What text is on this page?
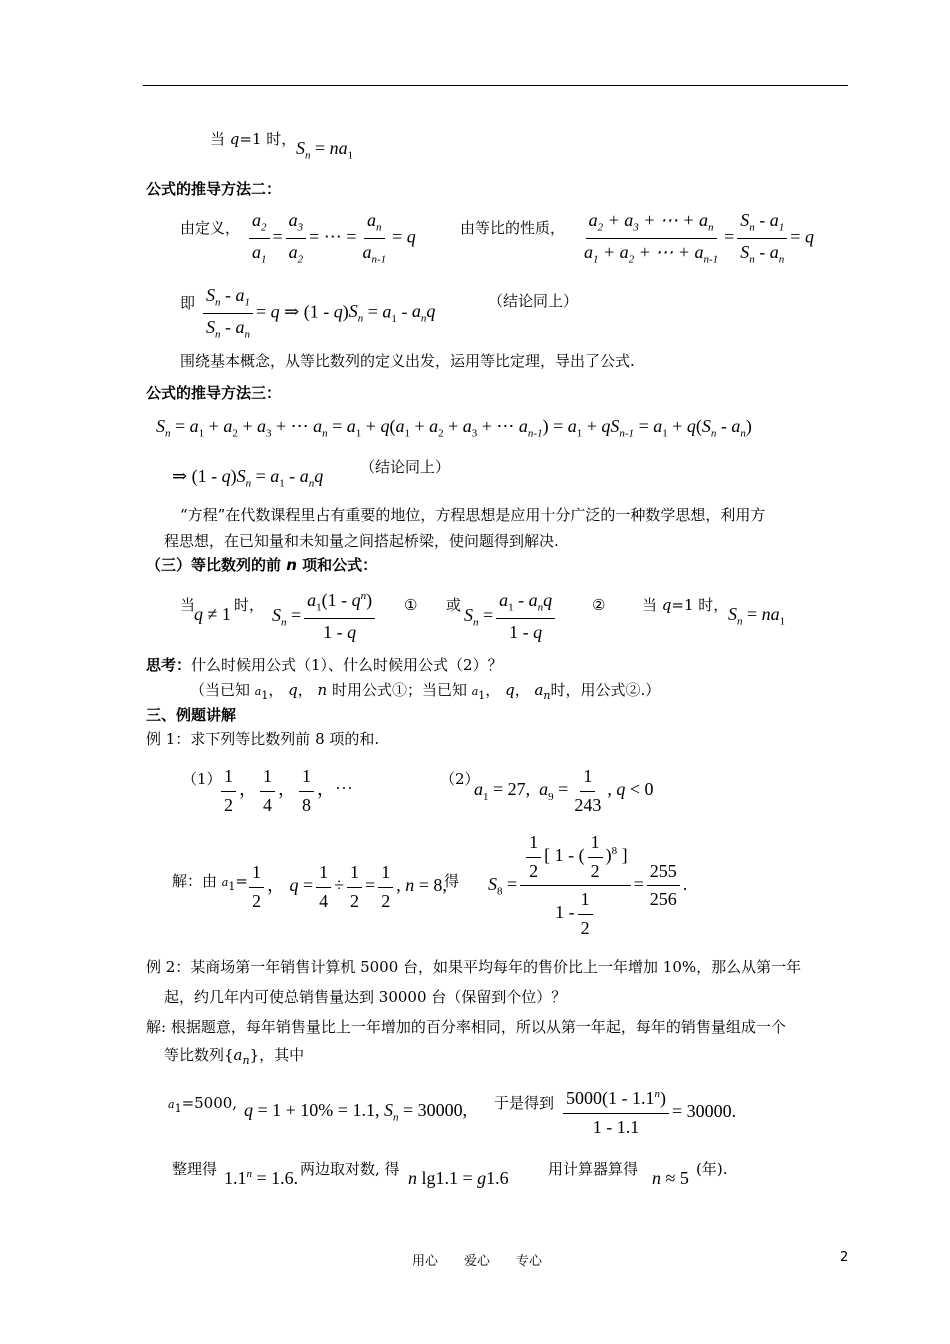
当 q=1 时， $S_n = na_1$
公式的推导方法二：
由定义， $\frac{a_2}{a_1} = \frac{a_3}{a_2}$ = ⋯ = $\frac{a_n}{a_{n-1}} = q$	由等比的性质， $\frac{a_2 + a_3 + \cdots + a_n}{a_1 + a_2 + \cdots + a_{n-1}} = \frac{S_n - a_1}{S_n - a_n} = q$
即 $\frac{S_n - a_1}{S_n - a_n} = q$ ⇒ $(1 - q)S_n = a_1 - a_nq$
（结论同上）
围绕基本概念，从等比数列的定义出发，运用等比定理，导出了公式.
公式的推导方法三：
$S_n = a_1 + a_2 + a_3$ + ⋯ $a_n = a_1 + q(a_1 + a_2 + a_3$ + ⋯ $a_{n-1}) = a_1 + qS_{n-1} = a_1 + q(S_n - a_n)$
⇒ $(1 - q)S_n = a_1 - a_nq$ （结论同上）
“方程”在代数课程里占有重要的地位，方程思想是应用十分广泛的一种数学思想，利用方
程思想，在已知量和未知量之间搭起桥梁，使问题得到解决.
（三）等比数列的前 n 项和公式：
当
q ≠ 1 时， $S_n = \frac{a_1(1 - q^n)}{1 - q}$ ① 或 $S_n = \frac{a_1 - a_nq}{1 - q}$ ② 当 q=1 时， $S_n = na_1$
思考：什么时候用公式（1）、什么时候用公式（2）？
（当已知 $a_1$， q， n 时用公式①；当已知 $a_1$， q， $a_n$时，用公式②.）
三、例题讲解
例 1：求下列等比数列前 8 项的和.
$(1) \frac{1}{2}$ ， $\frac{1}{4}$ ， $\frac{1}{8}$ ，⋯
（2）
$a_1 = 27$,  $a_9 = \frac{1}{243}$ , q < 0
解：由 $a_1= \frac{1}{2}$ ， $q = \frac{1}{4} \div \frac{1}{2} = \frac{1}{2}$ , n = 8,
得 $S_8 = \frac{\frac{1}{2} [ 1 - ( \frac{1}{2} )^8 ]}{1 - \frac{1}{2}} = \frac{255}{256}$ .
例 2：某商场第一年销售计算机 5000 台，如果平均每年的售价比上一年增加 10%，那么从第一年
起，约几年内可使总销售量达到 30000 台（保留到个位）？
解: 根据题意，每年销售量比上一年增加的百分率相同，所以从第一年起，每年的销售量组成一个
等比数列$\{a_n\}$，其中
$a_1=5000$, q = 1 + 10% = 1.1, $S_n = 30000$, 于是得到 $\frac{5000(1 - 1.1^n)}{1 - 1.1} = 30000$.
整理得 $1.1^n = 1.6$. 两边取对数, 得 n lg1.1 = g1.6	用计算器算得 n ≈ 5 (年).
用心　　爱心　　专心	2
